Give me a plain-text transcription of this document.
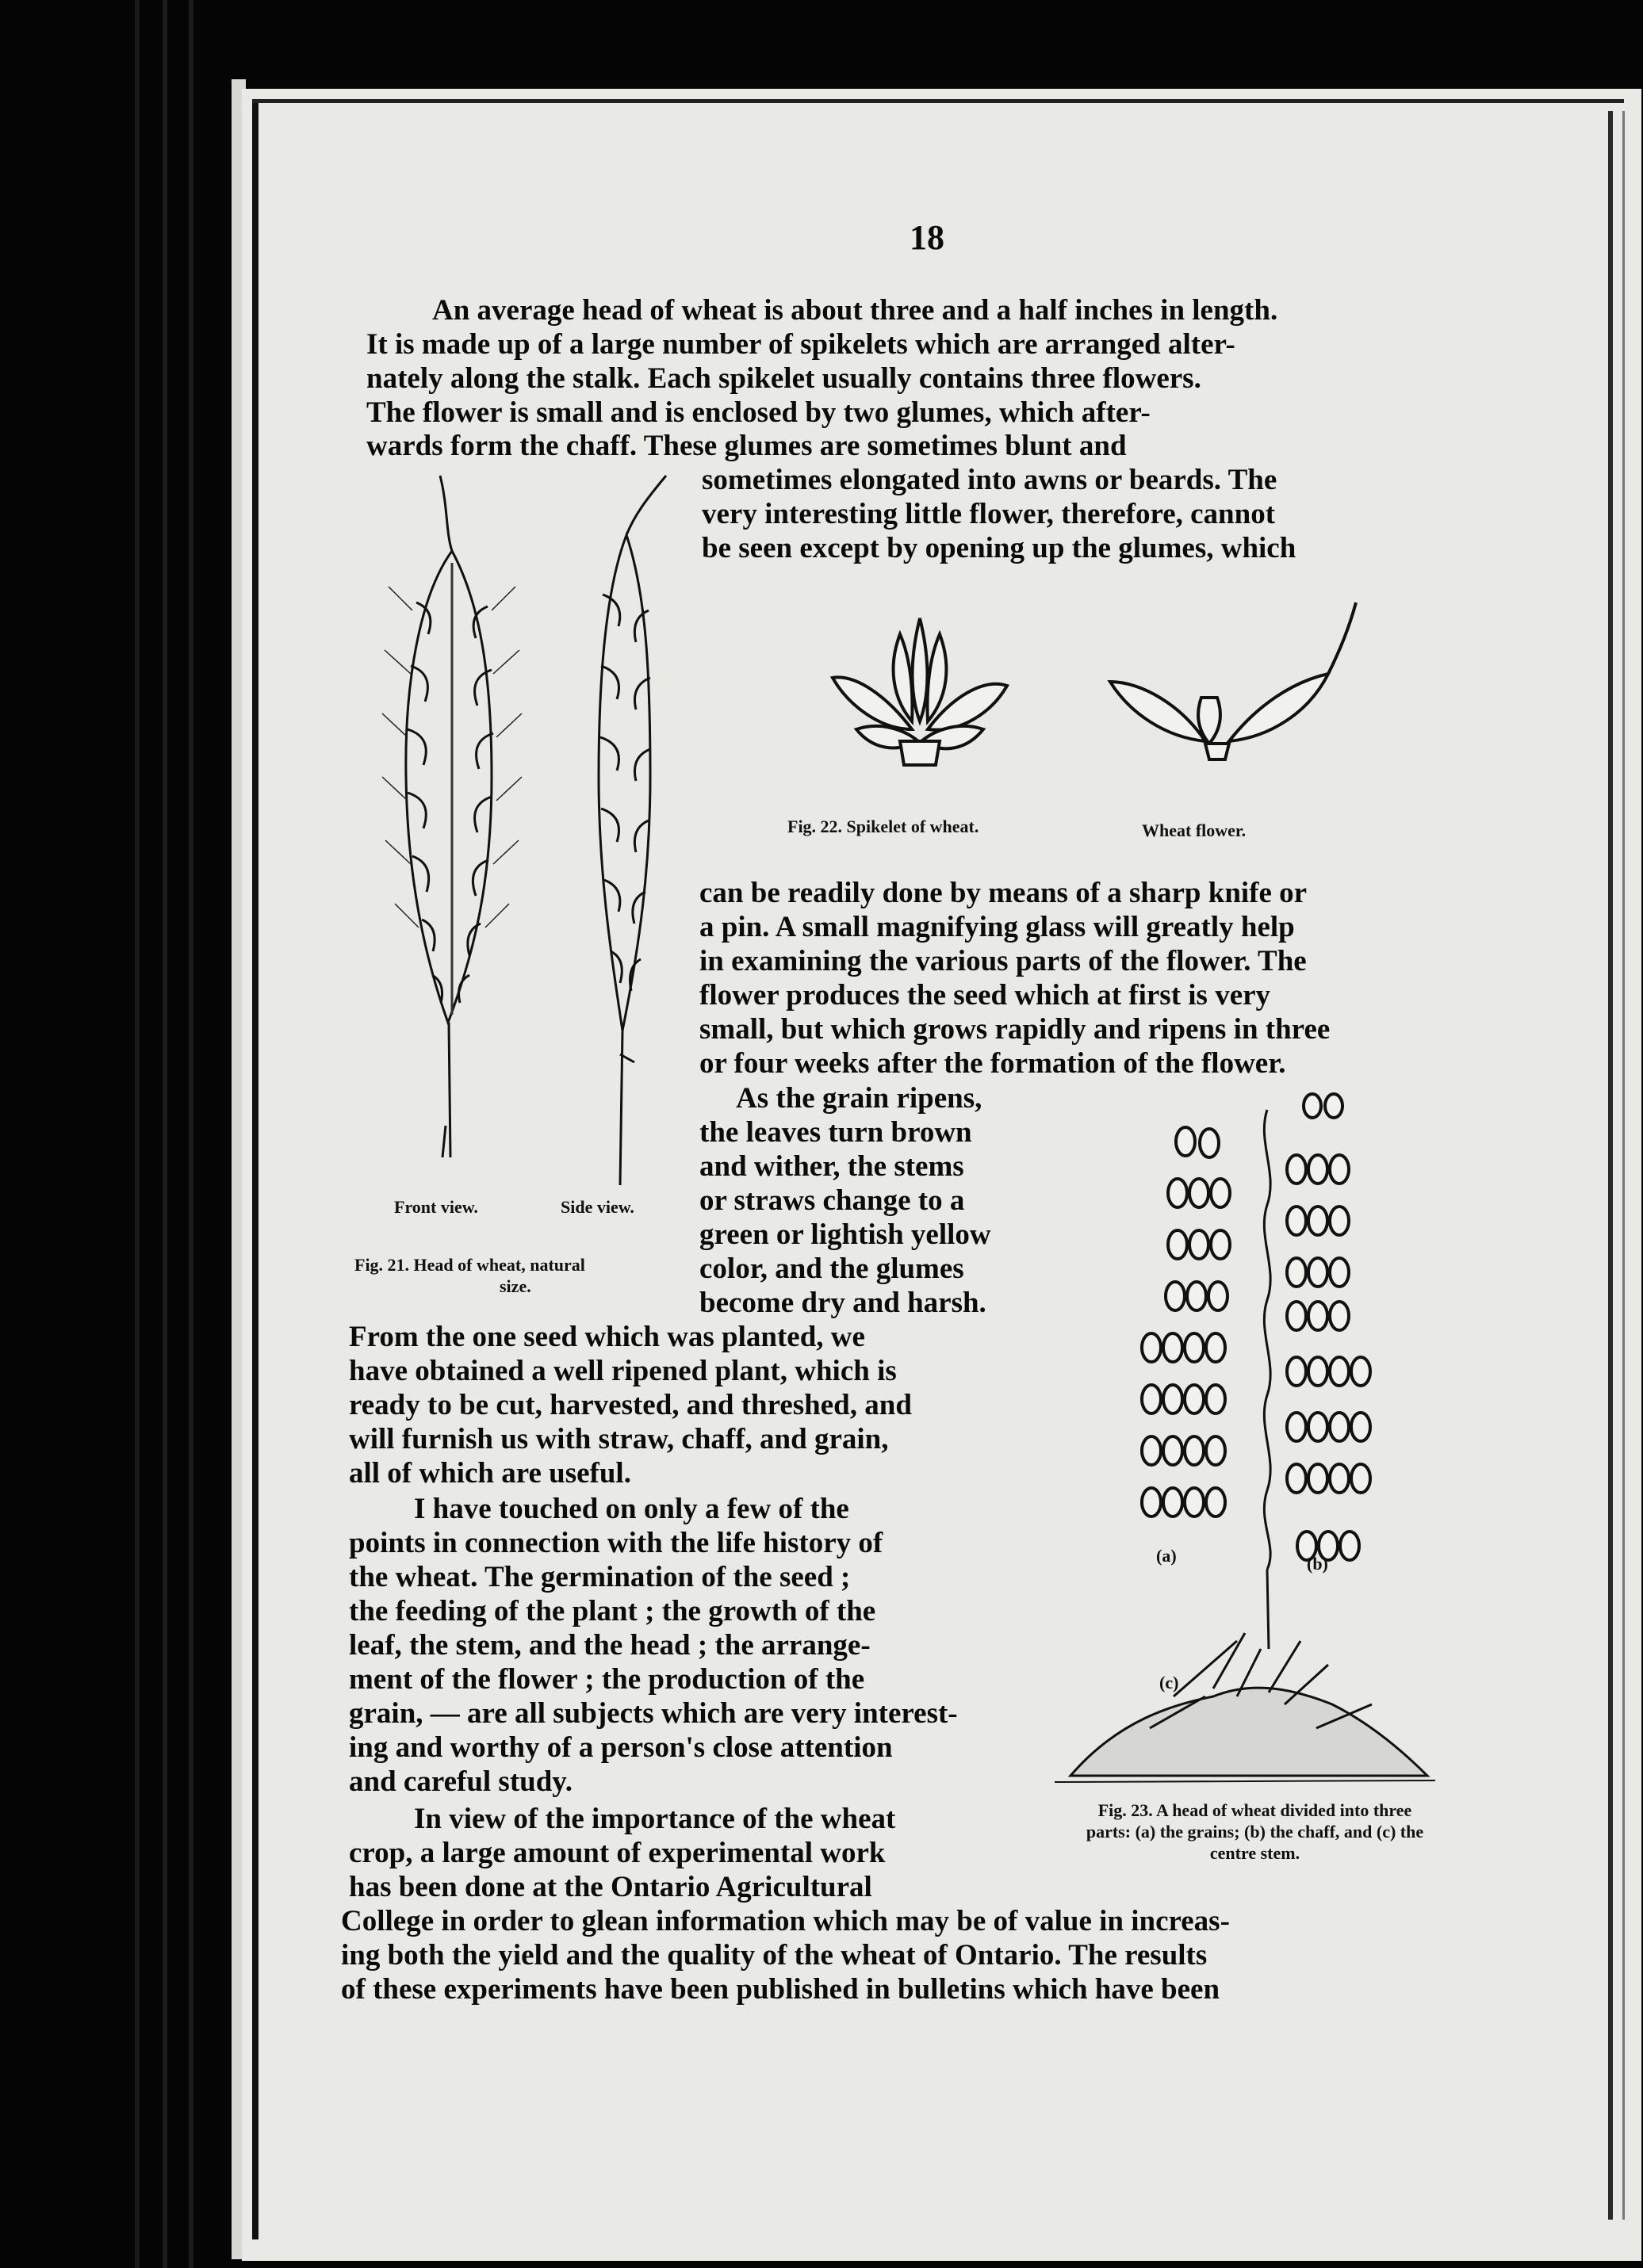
18
An average head of wheat is about three and a half inches in length.
It is made up of a large number of spikelets which are arranged alter-
nately along the stalk. Each spikelet usually contains three flowers.
The flower is small and is enclosed by two glumes, which after-
wards form the chaff. These glumes are sometimes blunt and
sometimes elongated into awns or beards. The
very interesting little flower, therefore, cannot
be seen except by opening up the glumes, which
Front view.	Side view.
Fig. 21. Head of wheat, natural
size.
Fig. 22. Spikelet of wheat.	Wheat flower.
can be readily done by means of a sharp knife or
a pin. A small magnifying glass will greatly help
in examining the various parts of the flower. The
flower produces the seed which at first is very
small, but which grows rapidly and ripens in three
or four weeks after the formation of the flower.
As the grain ripens,
the leaves turn brown
and wither, the stems
or straws change to a
green or lightish yellow
color, and the glumes
become dry and harsh.
From the one seed which was planted, we
have obtained a well ripened plant, which is
ready to be cut, harvested, and threshed, and
will furnish us with straw, chaff, and grain,
all of which are useful.
I have touched on only a few of the
points in connection with the life history of
the wheat. The germination of the seed ;
the feeding of the plant ; the growth of the
leaf, the stem, and the head ; the arrange-
ment of the flower ; the production of the
grain, — are all subjects which are very interest-
ing and worthy of a person's close attention
and careful study.
In view of the importance of the wheat
crop, a large amount of experimental work
has been done at the Ontario Agricultural
College in order to glean information which may be of value in increas-
ing both the yield and the quality of the wheat of Ontario. The results
of these experiments have been published in bulletins which have been
(a)	(b)
(c)
Fig. 23. A head of wheat divided into three parts: (a) the grains; (b) the chaff, and (c) the centre stem.
